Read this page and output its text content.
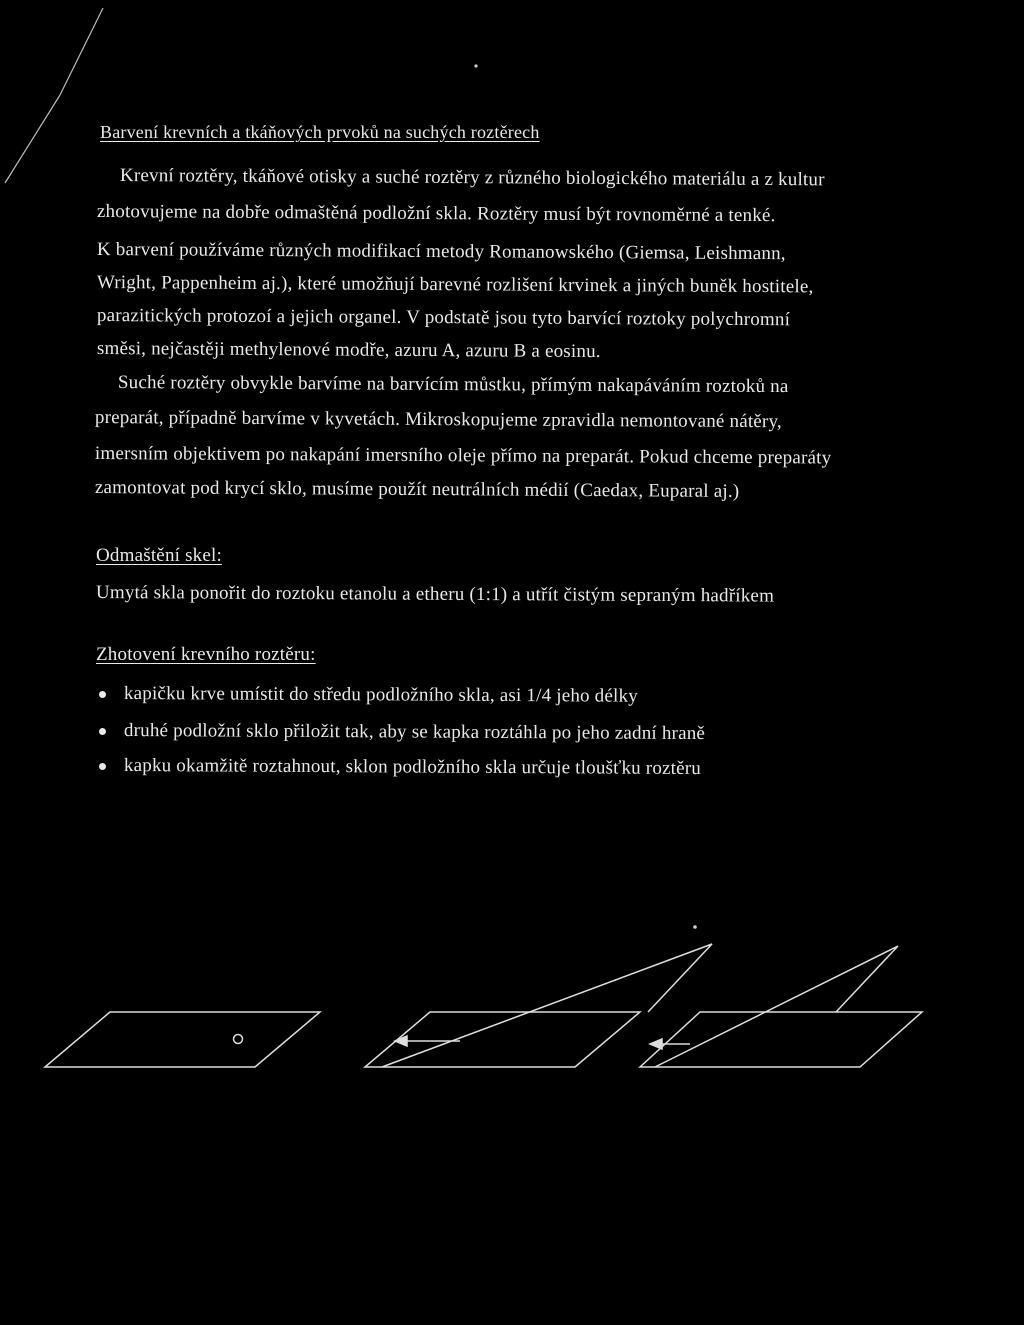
Barvení krevních a tkáňových prvoků na suchých roztěrech
Krevní roztěry, tkáňové otisky a suché roztěry z různého biologického materiálu a z kultur
zhotovujeme na dobře odmaštěná podložní skla. Roztěry musí být rovnoměrné a tenké.
K barvení používáme různých modifikací metody Romanowského (Giemsa, Leishmann,
Wright, Pappenheim aj.), které umožňují barevné rozlišení krvinek a jiných buněk hostitele,
parazitických protozoí a jejich organel. V podstatě jsou tyto barvící roztoky polychromní
směsi, nejčastěji methylenové modře, azuru A, azuru B a eosinu.
Suché roztěry obvykle barvíme na barvícím můstku, přímým nakapáváním roztoků na
preparát, případně barvíme v kyvetách. Mikroskopujeme zpravidla nemontované nátěry,
imersním objektivem po nakapání imersního oleje přímo na preparát. Pokud chceme preparáty
zamontovat pod krycí sklo, musíme použít neutrálních médií (Caedax, Euparal aj.)
Odmaštění skel:
Umytá skla ponořit do roztoku etanolu a etheru (1:1) a utřít čistým sepraným hadříkem
Zhotovení krevního roztěru:
kapičku krve umístit do středu podložního skla, asi 1/4 jeho délky
druhé podložní sklo přiložit tak, aby se kapka roztáhla po jeho zadní hraně
kapku okamžitě roztahnout, sklon podložního skla určuje tloušťku roztěru
